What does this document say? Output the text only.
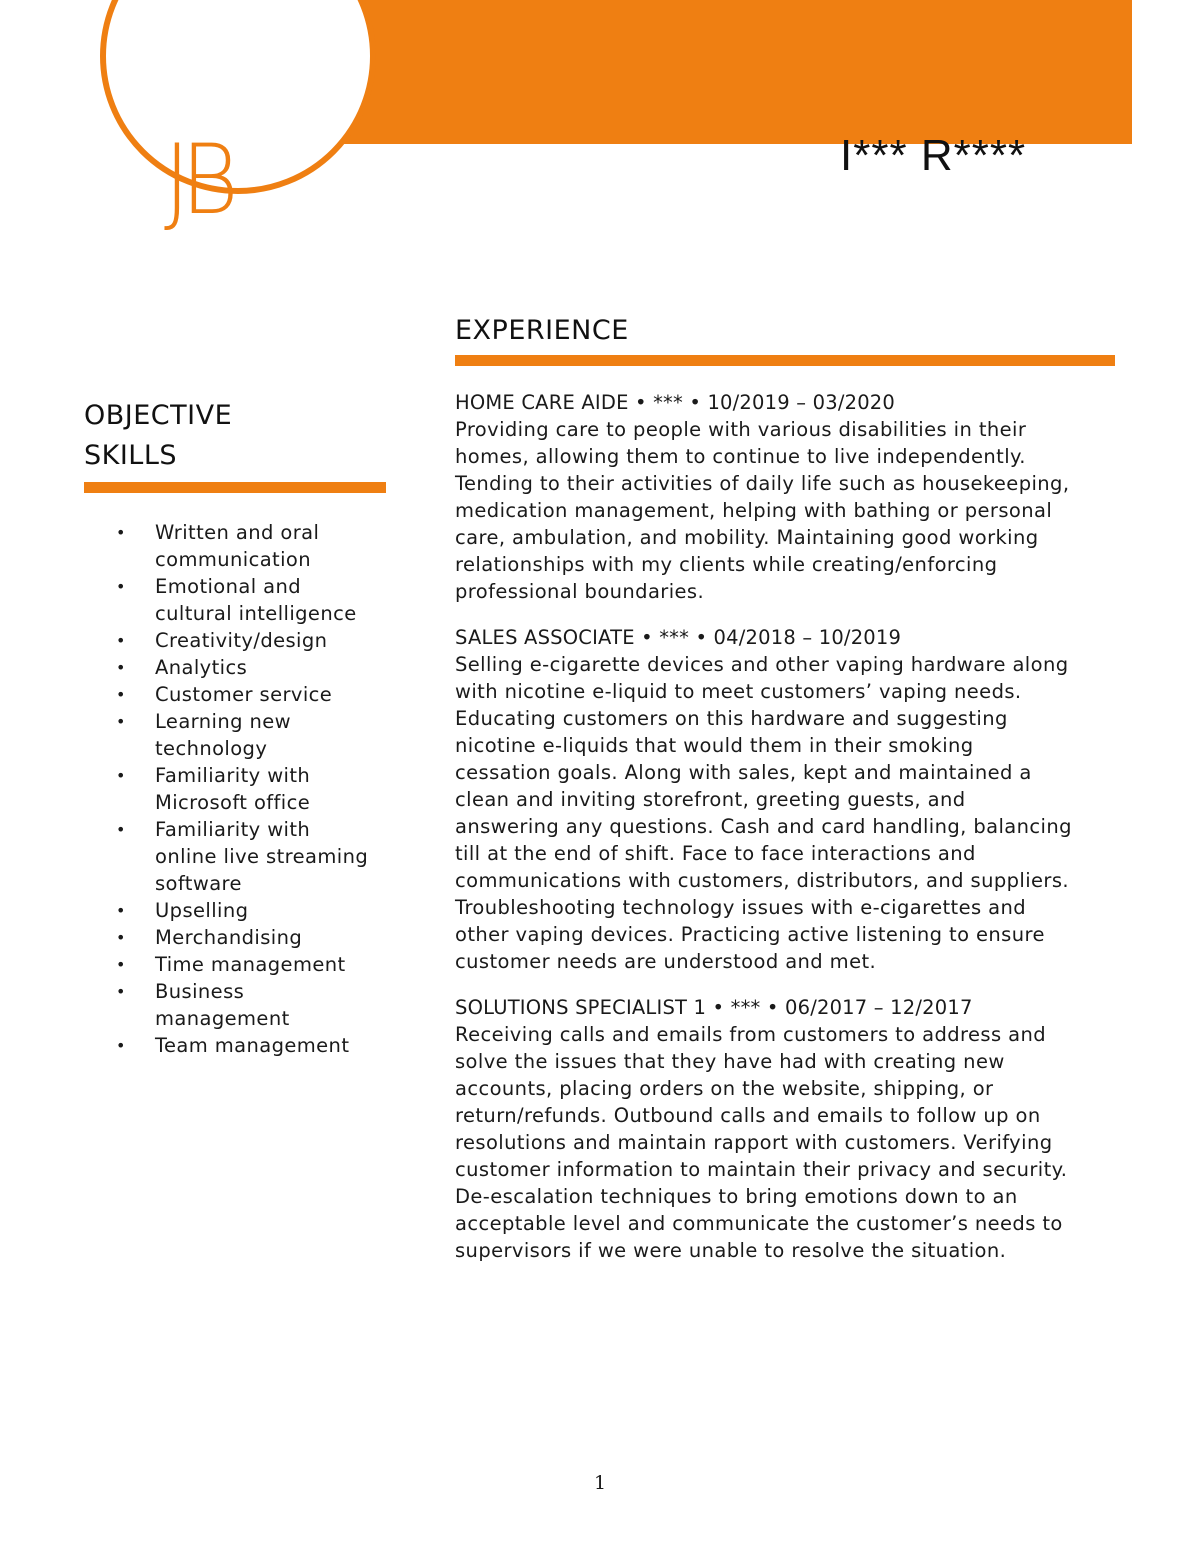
JB	I*** R****
OBJECTIVE
SKILLS
• Written and oral
communication
• Emotional and
cultural intelligence
• Creativity/design
• Analytics
• Customer service
• Learning new
technology
• Familiarity with
Microsoft office
• Familiarity with
online live streaming
software
• Upselling
• Merchandising
• Time management
• Business
management
• Team management
EXPERIENCE
HOME CARE AIDE • *** • 10/2019 – 03/2020

Providing care to people with various disabilities in their
homes, allowing them to continue to live independently.
Tending to their activities of daily life such as housekeeping,
medication management, helping with bathing or personal
care, ambulation, and mobility. Maintaining good working
relationships with my clients while creating/enforcing
professional boundaries.

SALES ASSOCIATE • *** • 04/2018 – 10/2019

Selling e-cigarette devices and other vaping hardware along
with nicotine e-liquid to meet customers’ vaping needs.
Educating customers on this hardware and suggesting
nicotine e-liquids that would them in their smoking
cessation goals. Along with sales, kept and maintained a
clean and inviting storefront, greeting guests, and
answering any questions. Cash and card handling, balancing
till at the end of shift. Face to face interactions and
communications with customers, distributors, and suppliers.
Troubleshooting technology issues with e-cigarettes and
other vaping devices. Practicing active listening to ensure
customer needs are understood and met.

SOLUTIONS SPECIALIST 1 • *** • 06/2017 – 12/2017

Receiving calls and emails from customers to address and
solve the issues that they have had with creating new
accounts, placing orders on the website, shipping, or
return/refunds. Outbound calls and emails to follow up on
resolutions and maintain rapport with customers. Verifying
customer information to maintain their privacy and security.
De-escalation techniques to bring emotions down to an
acceptable level and communicate the customer’s needs to
supervisors if we were unable to resolve the situation.

1
